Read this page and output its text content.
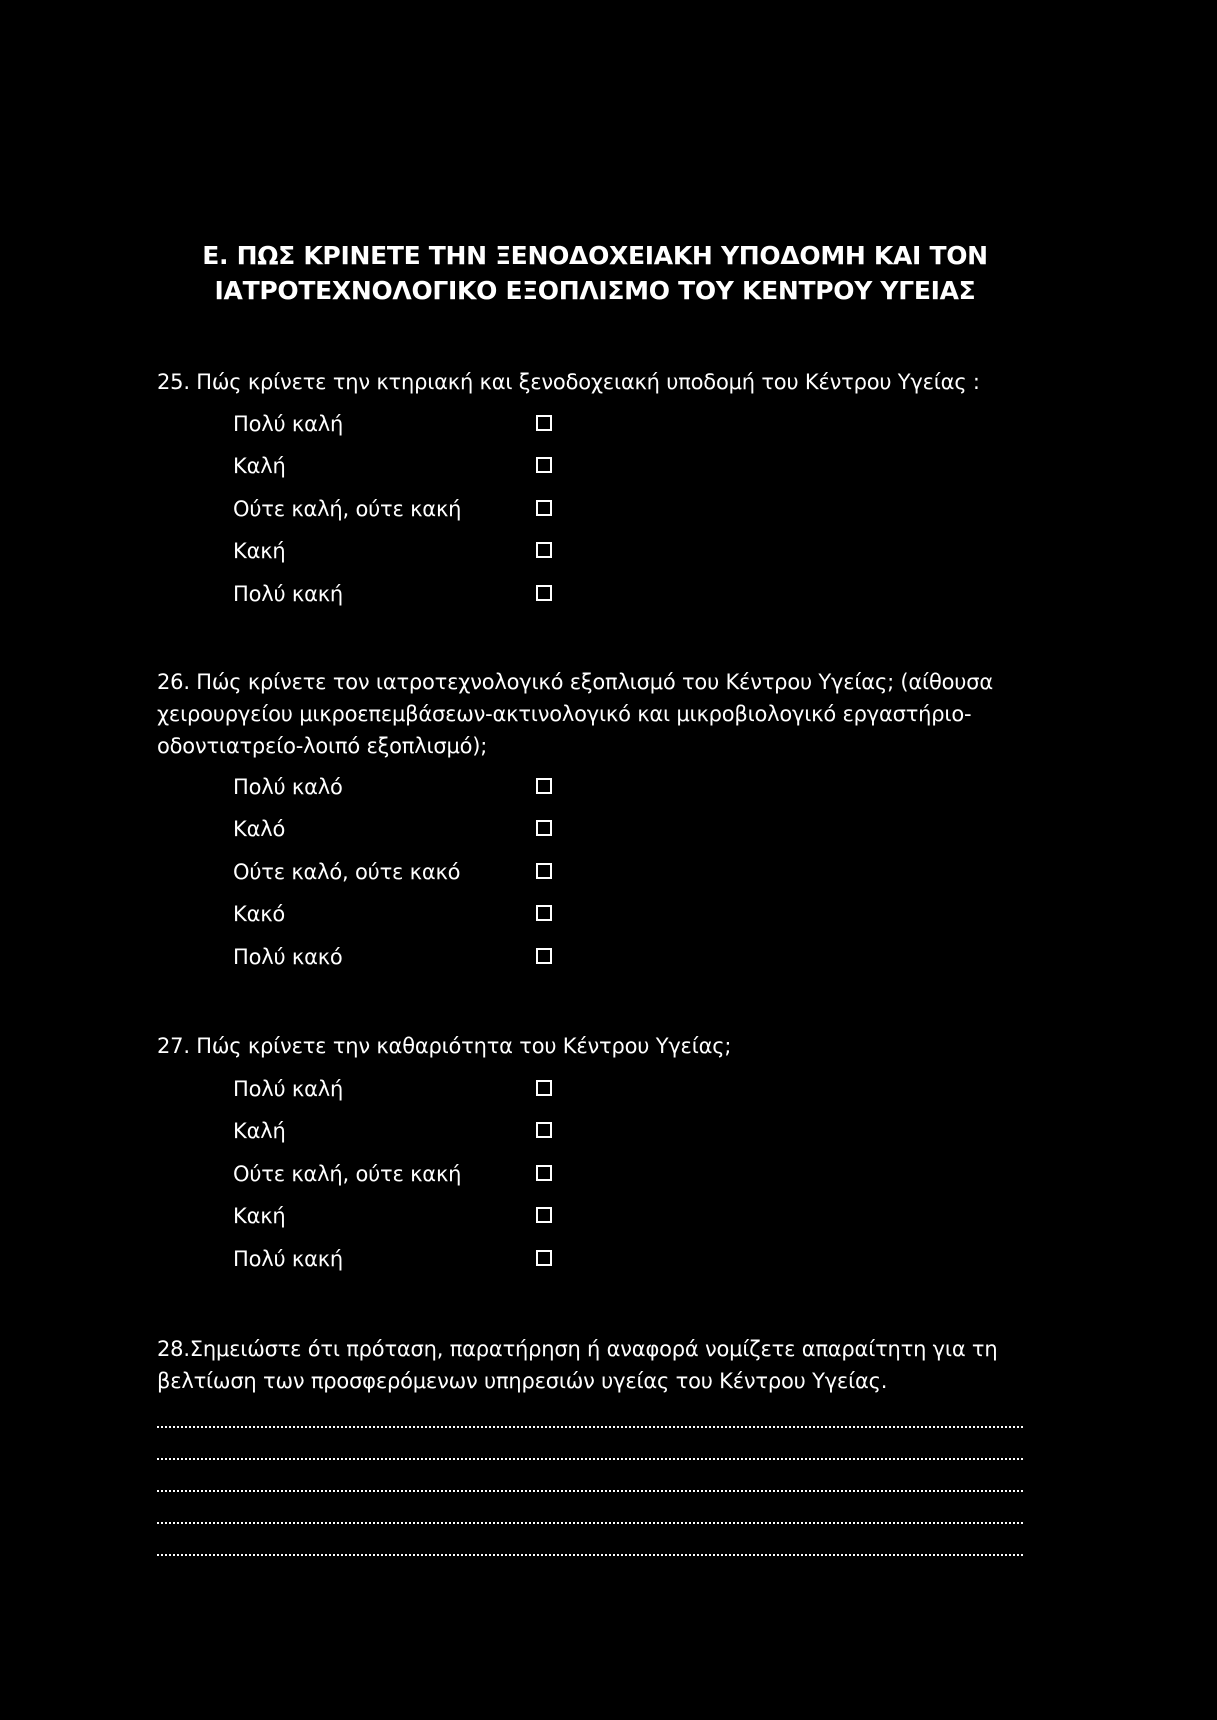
Ε. ΠΩΣ ΚΡΙΝΕΤΕ ΤΗΝ ΞΕΝΟΔΟΧΕΙΑΚΗ ΥΠΟΔΟΜΗ ΚΑΙ ΤΟΝ
ΙΑΤΡΟΤΕΧΝΟΛΟΓΙΚΟ ΕΞΟΠΛΙΣΜΟ ΤΟΥ ΚΕΝΤΡΟΥ ΥΓΕΙΑΣ
25. Πώς κρίνετε την κτηριακή και ξενοδοχειακή υποδομή του Κέντρου Υγείας :
Πολύ καλή
Καλή
Ούτε καλή, ούτε κακή
Κακή
Πολύ κακή
26. Πώς κρίνετε τον ιατροτεχνολογικό εξοπλισμό του Κέντρου Υγείας; (αίθουσα χειρουργείου μικροεπεμβάσεων-ακτινολογικό και μικροβιολογικό εργαστήριο-οδοντιατρείο-λοιπό εξοπλισμό);
Πολύ καλό
Καλό
Ούτε καλό, ούτε κακό
Κακό
Πολύ κακό
27. Πώς κρίνετε την καθαριότητα του Κέντρου Υγείας;
Πολύ καλή
Καλή
Ούτε καλή, ούτε κακή
Κακή
Πολύ κακή
28.Σημειώστε ότι πρόταση, παρατήρηση ή αναφορά νομίζετε απαραίτητη για τη βελτίωση των προσφερόμενων υπηρεσιών υγείας του Κέντρου Υγείας.
